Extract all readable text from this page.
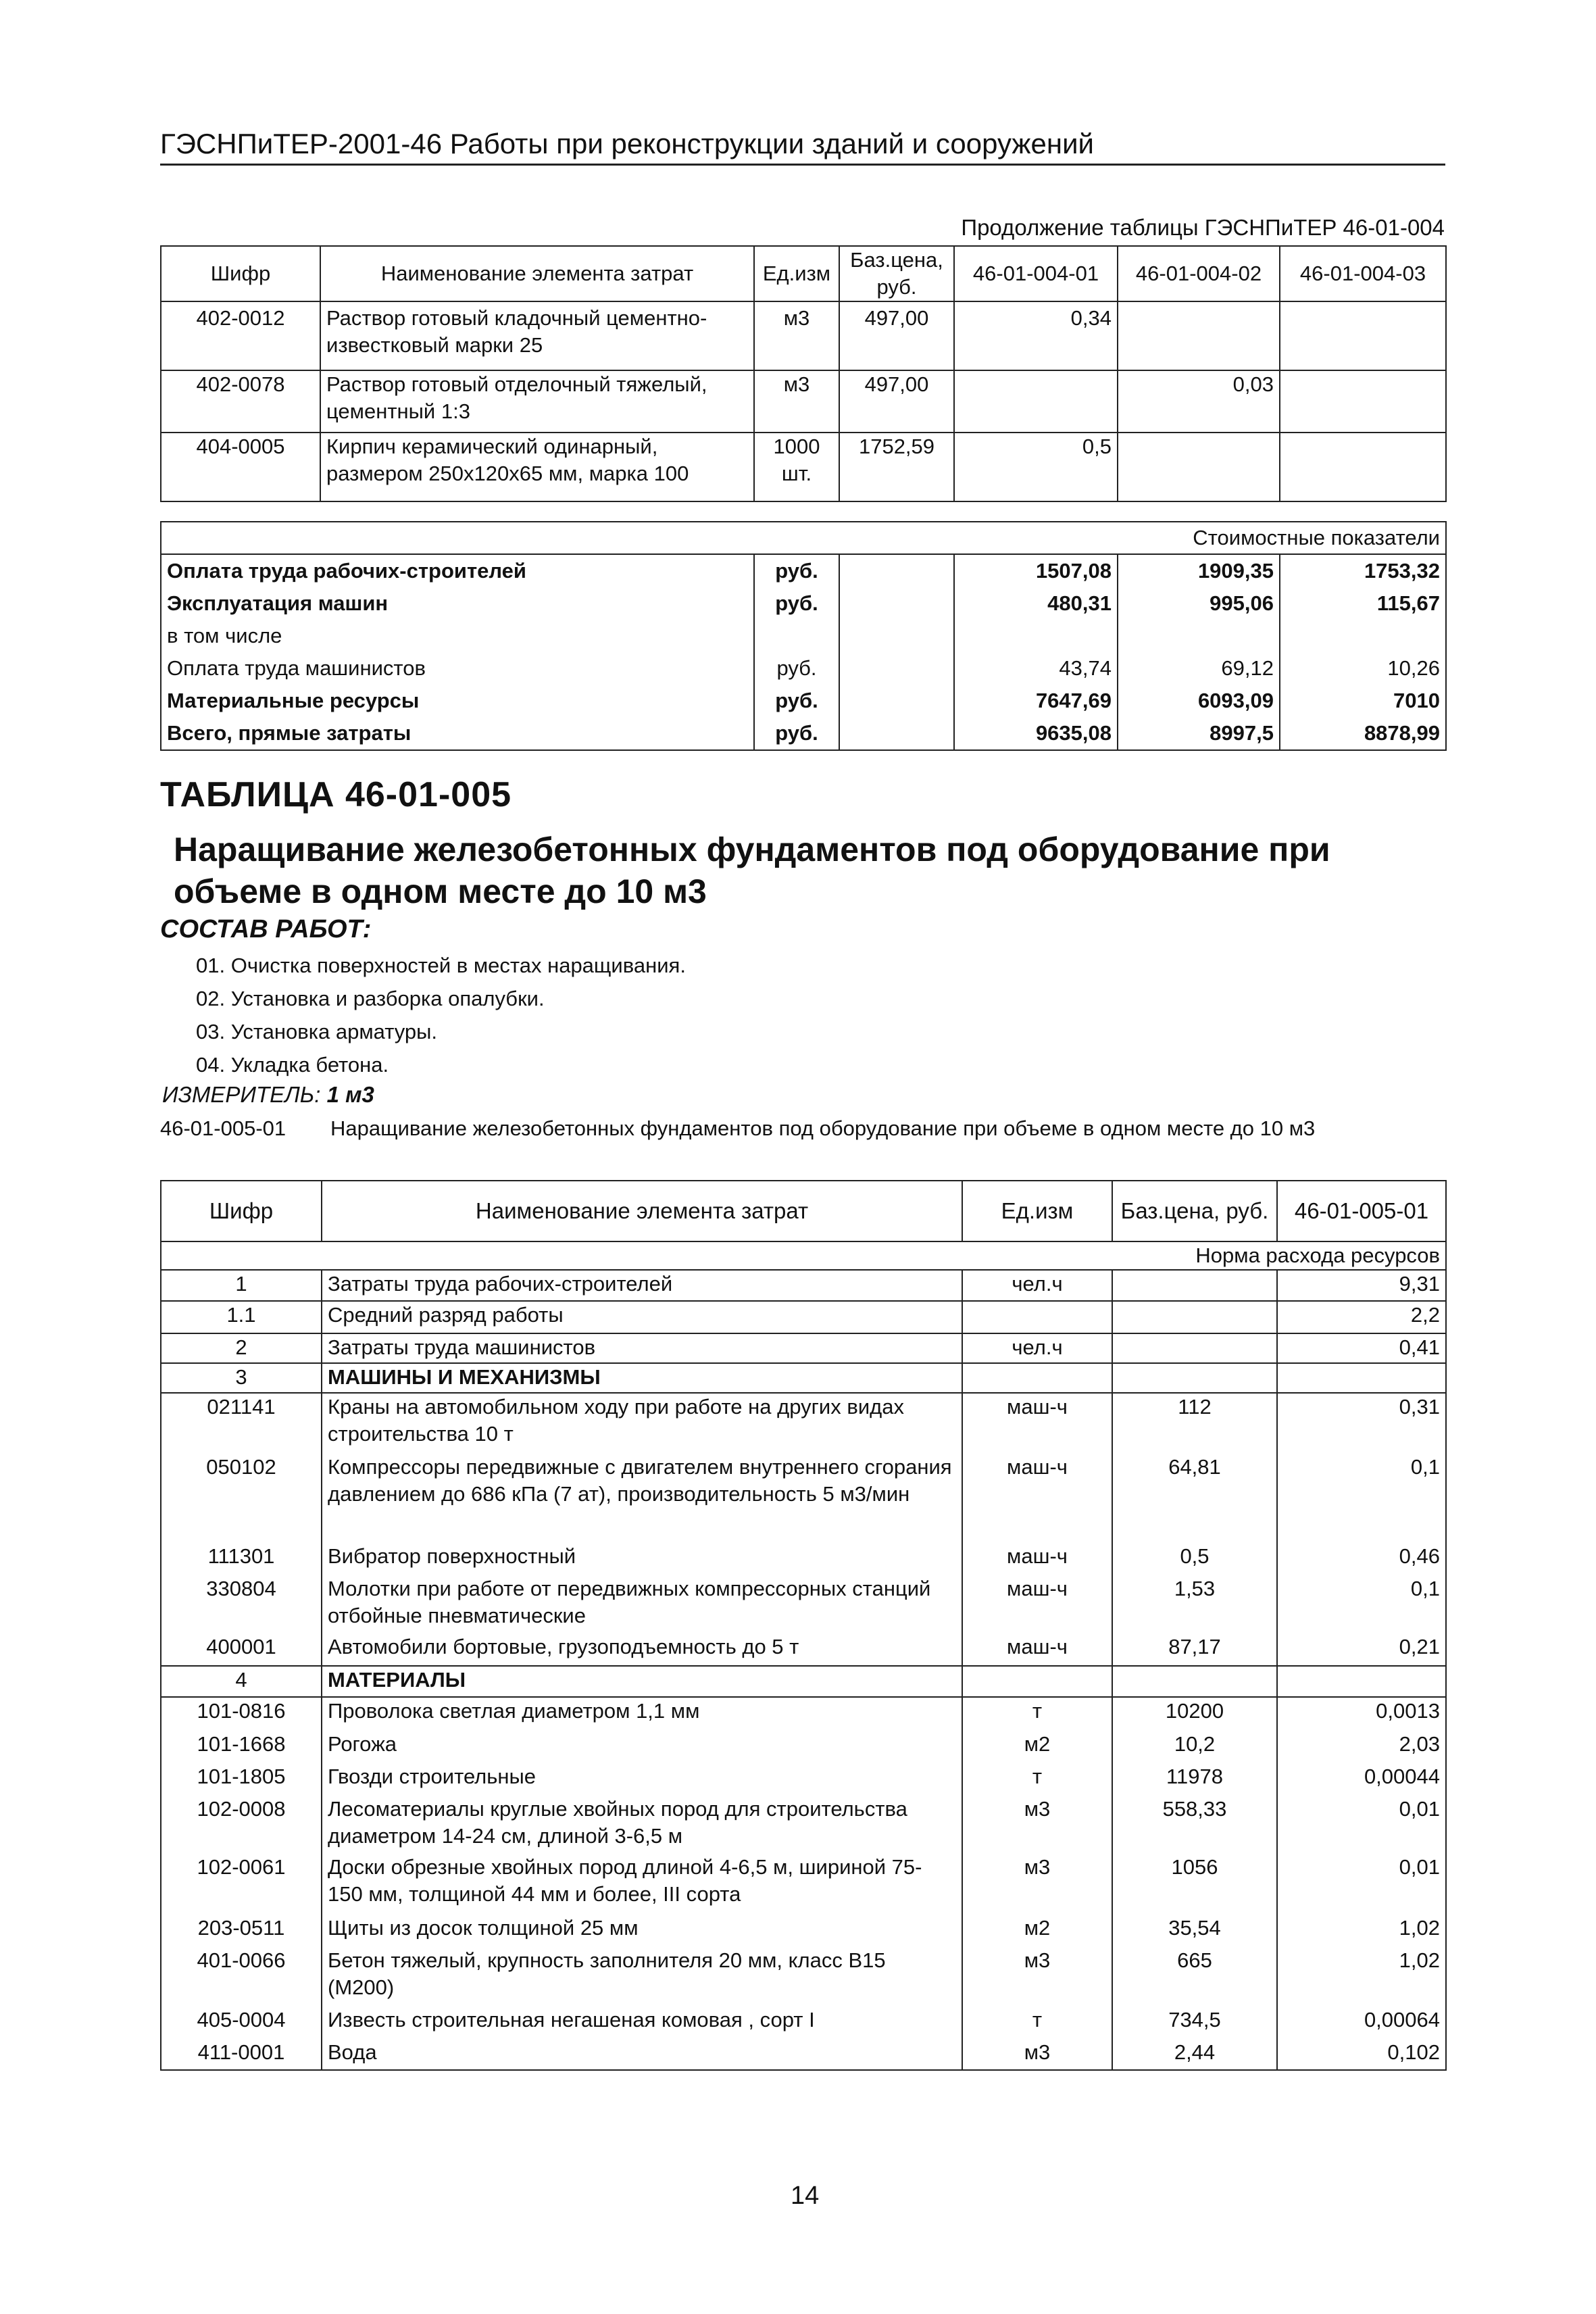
ГЭСНПиТЕР-2001-46 Работы при реконструкции зданий и сооружений
Продолжение таблицы ГЭСНПиТЕР 46-01-004
Шифр	Наименование элемента затрат	Ед.изм	Баз.цена, руб.	46-01-004-01	46-01-004-02	46-01-004-03
402-0012	Раствор готовый кладочный цементно-известковый марки 25	м3	497,00	0,34		
402-0078	Раствор готовый отделочный тяжелый, цементный 1:3	м3	497,00		0,03	
404-0005	Кирпич керамический одинарный, размером 250х120х65 мм, марка 100	1000 шт.	1752,59	0,5		

Стоимостные показатели						
Оплата труда рабочих-строителей		руб.		1507,08	1909,35	1753,32
Эксплуатация машин		руб.		480,31	995,06	115,67
в том числе						
Оплата труда машинистов		руб.		43,74	69,12	10,26
Материальные ресурсы		руб.		7647,69	6093,09	7010
Всего, прямые затраты		руб.		9635,08	8997,5	8878,99
ТАБЛИЦА 46-01-005
Наращивание железобетонных фундаментов под оборудование при объеме в одном месте до 10 м3
СОСТАВ РАБОТ:
01. Очистка поверхностей в местах наращивания.
02. Установка и разборка опалубки.
03. Установка арматуры.
04. Укладка бетона.
ИЗМЕРИТЕЛЬ: 1 м3
46-01-005-01 Наращивание железобетонных фундаментов под оборудование при объеме в одном месте до 10 м3
Шифр	Наименование элемента затрат	Ед.изм	Баз.цена, руб.	46-01-005-01
Норма расхода ресурсов				
1	Затраты труда рабочих-строителей	чел.ч		9,31
1.1	Средний разряд работы			2,2
2	Затраты труда машинистов	чел.ч		0,41
3	МАШИНЫ И МЕХАНИЗМЫ			
021141	Краны на автомобильном ходу при работе на других видах строительства 10 т	маш-ч	112	0,31
050102	Компрессоры передвижные с двигателем внутреннего сгорания давлением до 686 кПа (7 ат), производительность 5 м3/мин	маш-ч	64,81	0,1
111301	Вибратор поверхностный	маш-ч	0,5	0,46
330804	Молотки при работе от передвижных компрессорных станций отбойные пневматические	маш-ч	1,53	0,1
400001	Автомобили бортовые, грузоподъемность до 5 т	маш-ч	87,17	0,21
4	МАТЕРИАЛЫ			
101-0816	Проволока светлая диаметром 1,1 мм	т	10200	0,0013
101-1668	Рогожа	м2	10,2	2,03
101-1805	Гвозди строительные	т	11978	0,00044
102-0008	Лесоматериалы круглые хвойных пород для строительства диаметром 14-24 см, длиной 3-6,5 м	м3	558,33	0,01
102-0061	Доски обрезные хвойных пород длиной 4-6,5 м, шириной 75-150 мм, толщиной 44 мм и более, III сорта	м3	1056	0,01
203-0511	Щиты из досок толщиной 25 мм	м2	35,54	1,02
401-0066	Бетон тяжелый, крупность заполнителя 20 мм, класс В15 (М200)	м3	665	1,02
405-0004	Известь строительная негашеная комовая , сорт I	т	734,5	0,00064
411-0001	Вода	м3	2,44	0,102
14
